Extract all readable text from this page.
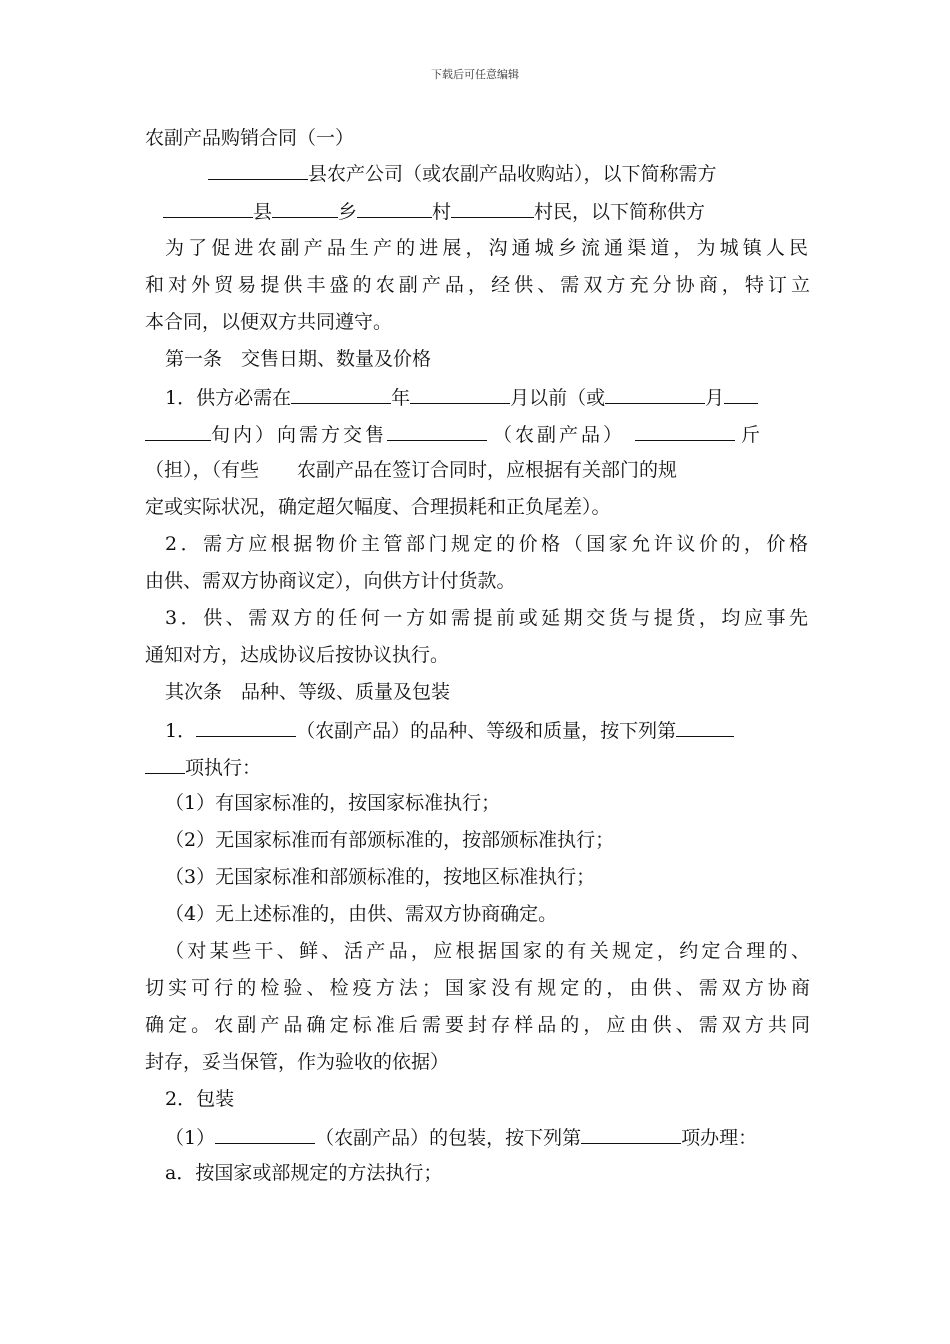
下载后可任意编辑
农副产品购销合同（一）
县农产公司（或农副产品收购站），以下简称需方
县	乡	村	村民，以下简称供方
为了促进农副产品生产的进展，沟通城乡流通渠道，为城镇人民
和对外贸易提供丰盛的农副产品，经供、需双方充分协商，特订立
本合同，以便双方共同遵守。
第一条　交售日期、数量及价格
1．供方必需在	年	月以前（或	月
旬内）向需方交售	（农副产品）	斤
（担），（有些　　农副产品在签订合同时，应根据有关部门的规
定或实际状况，确定超欠幅度、合理损耗和正负尾差）。
2．需方应根据物价主管部门规定的价格（国家允许议价的，价格
由供、需双方协商议定），向供方计付货款。
3．供、需双方的任何一方如需提前或延期交货与提货，均应事先
通知对方，达成协议后按协议执行。
其次条　品种、等级、质量及包装
1．	（农副产品）的品种、等级和质量，按下列第
项执行：
（1）有国家标准的，按国家标准执行；
（2）无国家标准而有部颁标准的，按部颁标准执行；
（3）无国家标准和部颁标准的，按地区标准执行；
（4）无上述标准的，由供、需双方协商确定。
（对某些干、鲜、活产品，应根据国家的有关规定，约定合理的、
切实可行的检验、检疫方法；国家没有规定的，由供、需双方协商
确定。农副产品确定标准后需要封存样品的，应由供、需双方共同
封存，妥当保管，作为验收的依据）
2．包装
（1）	（农副产品）的包装，按下列第	项办理：
a．按国家或部规定的方法执行；
